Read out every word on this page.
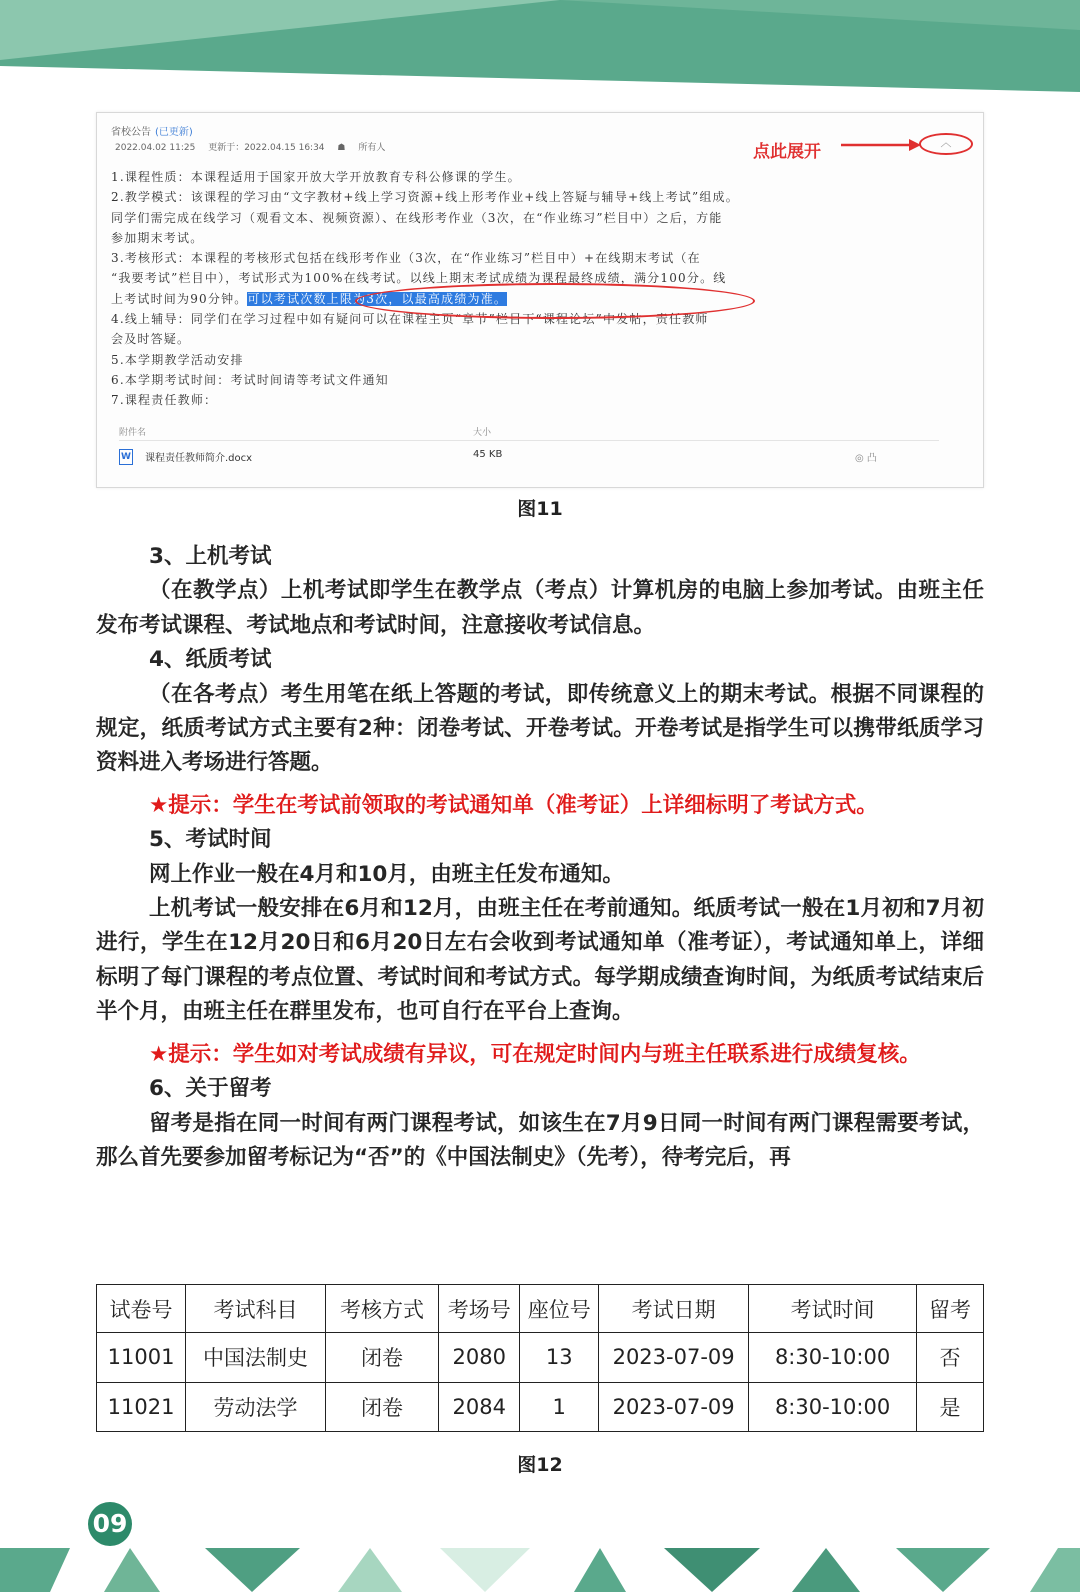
省校公告 (已更新)
2022.04.02 11:25 更新于：2022.04.15 16:34 ☗ 所有人	点此展开	︿

1.课程性质：本课程适用于国家开放大学开放教育专科公修课的学生。

2.教学模式：该课程的学习由“文字教材+线上学习资源+线上形考作业+线上答疑与辅导+线上考试”组成。

同学们需完成在线学习（观看文本、视频资源）、在线形考作业（3次，在“作业练习”栏目中）之后，方能

参加期末考试。

3.考核形式：本课程的考核形式包括在线形考作业（3次，在“作业练习”栏目中）+在线期末考试（在

“我要考试”栏目中），考试形式为100%在线考试。以线上期末考试成绩为课程最终成绩，满分100分。线

上考试时间为90分钟。可以考试次数上限为3次，以最高成绩为准。

4.线上辅导：同学们在学习过程中如有疑问可以在课程主页“章节”栏目下“课程论坛”中发帖，责任教师

会及时答疑。

5.本学期教学活动安排

6.本学期考试时间：考试时间请等考试文件通知

7.课程责任教师：

附件名	大小
W 课程责任教师简介.docx	45 KB	◎ 凸
图11

3、上机考试

（在教学点）上机考试即学生在教学点（考点）计算机房的电脑上参加考试。由班主任发布考试课程、考试地点和考试时间，注意接收考试信息。

4、纸质考试

（在各考点）考生用笔在纸上答题的考试，即传统意义上的期末考试。根据不同课程的规定，纸质考试方式主要有2种：闭卷考试、开卷考试。开卷考试是指学生可以携带纸质学习资料进入考场进行答题。

★提示：学生在考试前领取的考试通知单（准考证）上详细标明了考试方式。

5、考试时间

网上作业一般在4月和10月，由班主任发布通知。

上机考试一般安排在6月和12月，由班主任在考前通知。纸质考试一般在1月初和7月初进行，学生在12月20日和6月20日左右会收到考试通知单（准考证），考试通知单上，详细标明了每门课程的考点位置、考试时间和考试方式。每学期成绩查询时间，为纸质考试结束后半个月，由班主任在群里发布，也可自行在平台上查询。

★提示：学生如对考试成绩有异议，可在规定时间内与班主任联系进行成绩复核。

6、关于留考

留考是指在同一时间有两门课程考试，如该生在7月9日同一时间有两门课程需要考试，那么首先要参加留考标记为“否”的《中国法制史》（先考），待考完后，再

试卷号	考试科目	考核方式	考场号	座位号	考试日期	考试时间	留考
11001	中国法制史	闭卷	2080	13	2023-07-09	8:30-10:00	否
11021	劳动法学	闭卷	2084	1	2023-07-09	8:30-10:00	是
图12
09
